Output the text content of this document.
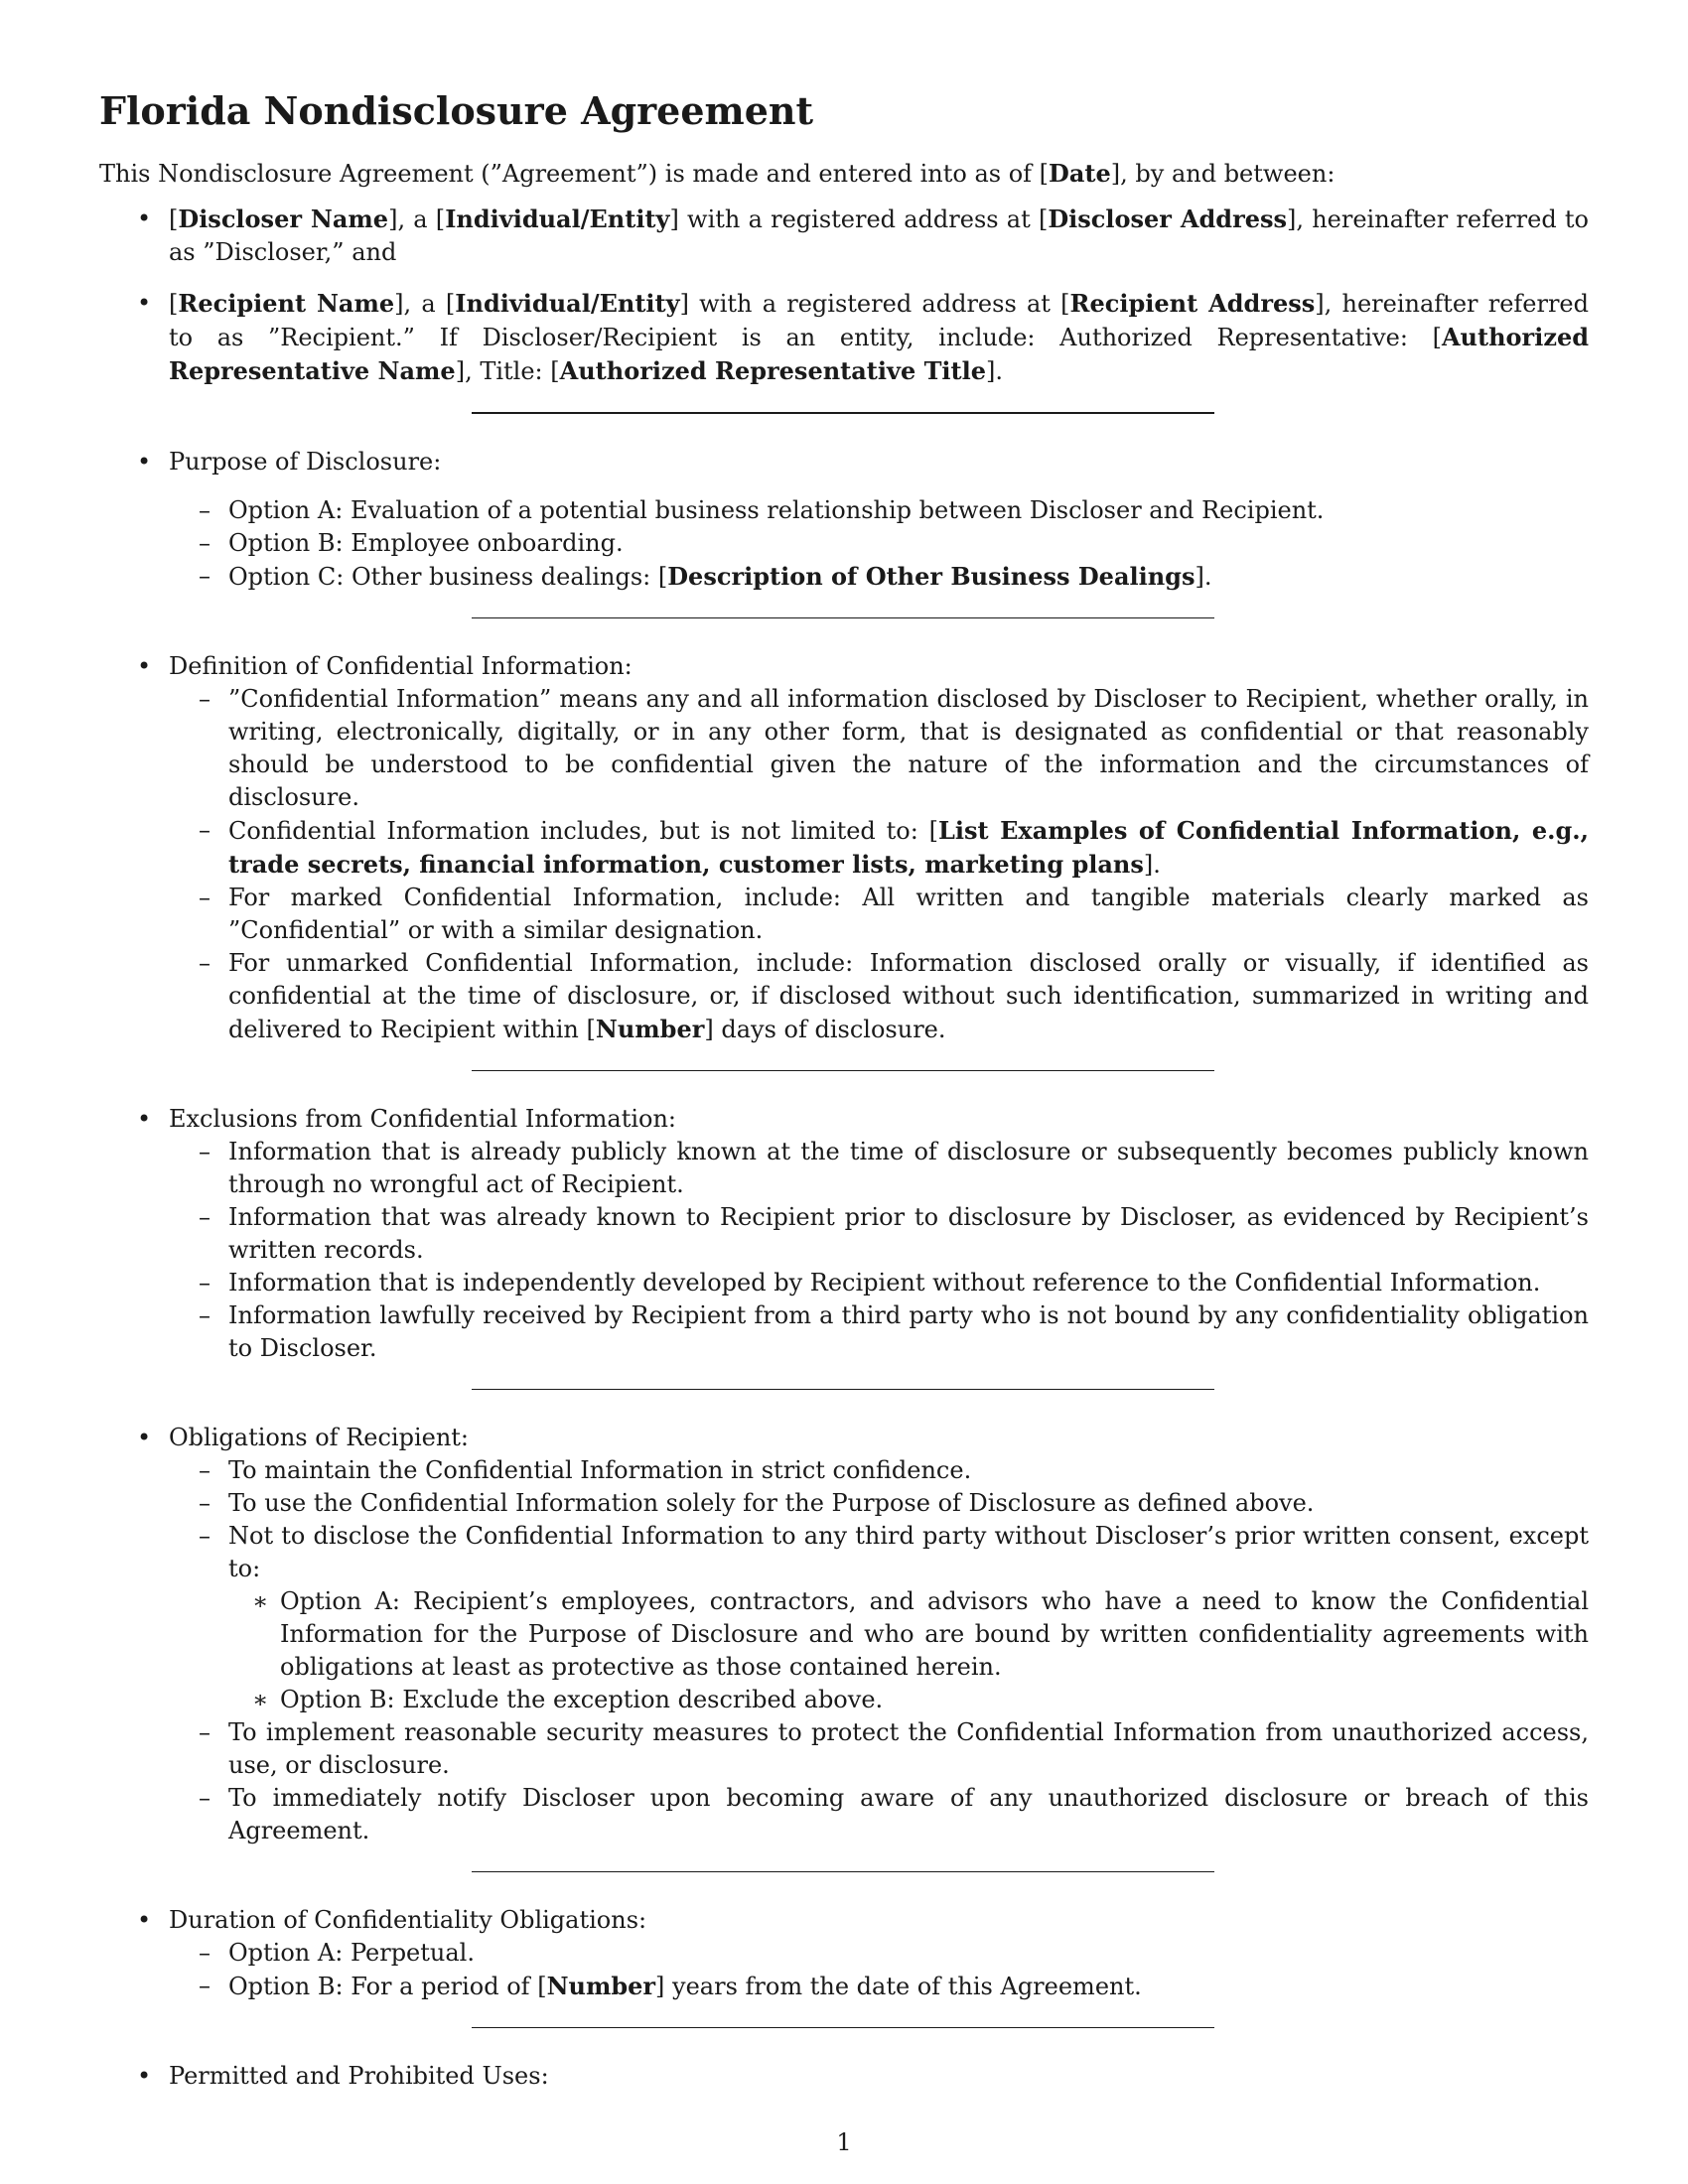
Florida Nondisclosure Agreement

This Nondisclosure Agreement (”Agreement”) is made and entered into as of [Date], by and between:

• [Discloser Name], a [Individual/Entity] with a registered address at [Discloser Address], hereinafter referred to as ”Discloser,” and
• [Recipient Name], a [Individual/Entity] with a registered address at [Recipient Address], hereinafter referred to as ”Recipient.” If Discloser/Recipient is an entity, include: Authorized Representative: [Authorized Representative Name], Title: [Authorized Representative Title].
• Purpose of Disclosure:
– Option A: Evaluation of a potential business relationship between Discloser and Recipient.
– Option B: Employee onboarding.
– Option C: Other business dealings: [Description of Other Business Dealings].
• Definition of Confidential Information:
– ”Confidential Information” means any and all information disclosed by Discloser to Recipient, whether orally, in writing, electronically, digitally, or in any other form, that is designated as confidential or that reasonably should be understood to be confidential given the nature of the information and the circumstances of disclosure.
– Confidential Information includes, but is not limited to: [List Examples of Confidential Information, e.g., trade secrets, financial information, customer lists, marketing plans].
– For marked Confidential Information, include: All written and tangible materials clearly marked as ”Confidential” or with a similar designation.
– For unmarked Confidential Information, include: Information disclosed orally or visually, if identified as confidential at the time of disclosure, or, if disclosed without such identification, summarized in writing and delivered to Recipient within [Number] days of disclosure.
• Exclusions from Confidential Information:
– Information that is already publicly known at the time of disclosure or subsequently becomes publicly known through no wrongful act of Recipient.
– Information that was already known to Recipient prior to disclosure by Discloser, as evidenced by Recipient’s written records.
– Information that is independently developed by Recipient without reference to the Confidential Information.
– Information lawfully received by Recipient from a third party who is not bound by any confidentiality obligation to Discloser.
• Obligations of Recipient:
– To maintain the Confidential Information in strict confidence.
– To use the Confidential Information solely for the Purpose of Disclosure as defined above.
– Not to disclose the Confidential Information to any third party without Discloser’s prior written consent, except to:
∗ Option A: Recipient’s employees, contractors, and advisors who have a need to know the Confidential Information for the Purpose of Disclosure and who are bound by written confidentiality agreements with obligations at least as protective as those contained herein.
∗ Option B: Exclude the exception described above.
– To implement reasonable security measures to protect the Confidential Information from unauthorized access, use, or disclosure.
– To immediately notify Discloser upon becoming aware of any unauthorized disclosure or breach of this Agreement.
• Duration of Confidentiality Obligations:
– Option A: Perpetual.
– Option B: For a period of [Number] years from the date of this Agreement.
• Permitted and Prohibited Uses:
1
